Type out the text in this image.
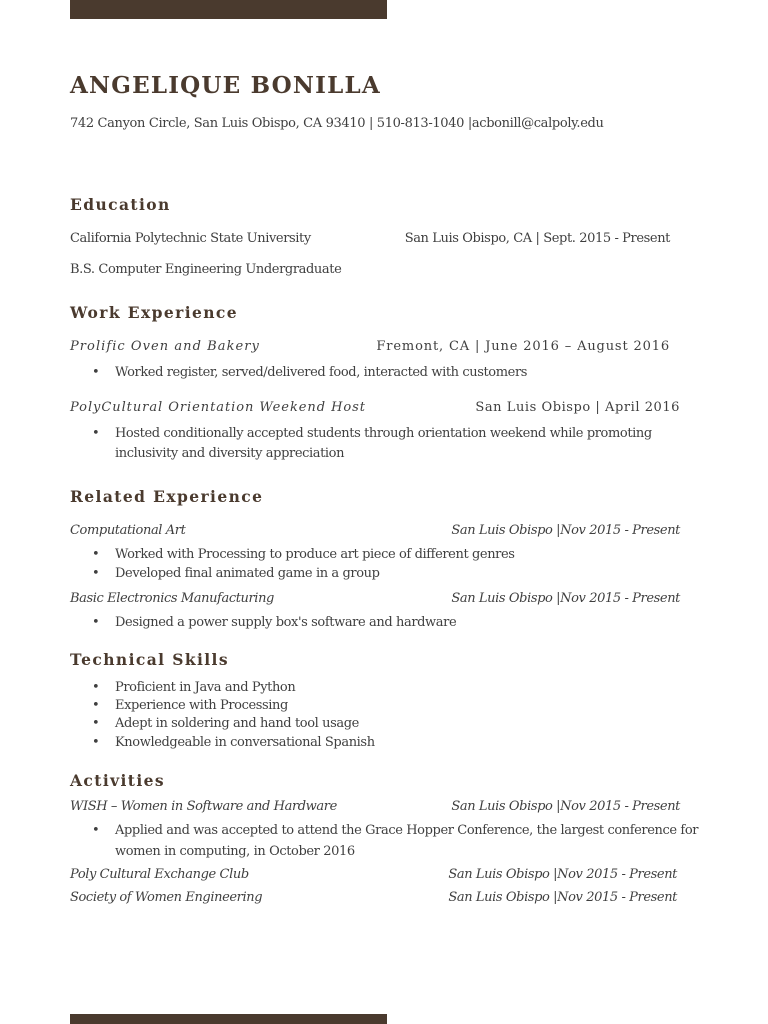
ANGELIQUE BONILLA
742 Canyon Circle, San Luis Obispo, CA 93410 | 510-813-1040 |acbonill@calpoly.edu
Education
California Polytechnic State University	San Luis Obispo, CA | Sept. 2015 - Present
B.S. Computer Engineering Undergraduate
Work Experience
Prolific Oven and Bakery	Fremont, CA | June 2016 – August 2016
• Worked register, served/delivered food, interacted with customers
PolyCultural Orientation Weekend Host	San Luis Obispo | April 2016
• Hosted conditionally accepted students through orientation weekend while promoting
inclusivity and diversity appreciation
Related Experience
Computational Art	San Luis Obispo |Nov 2015 - Present
• Worked with Processing to produce art piece of different genres
• Developed final animated game in a group
Basic Electronics Manufacturing	San Luis Obispo |Nov 2015 - Present
• Designed a power supply box's software and hardware
Technical Skills
• Proficient in Java and Python
• Experience with Processing
• Adept in soldering and hand tool usage
• Knowledgeable in conversational Spanish
Activities
WISH – Women in Software and Hardware	San Luis Obispo |Nov 2015 - Present
• Applied and was accepted to attend the Grace Hopper Conference, the largest conference for
women in computing, in October 2016
Poly Cultural Exchange Club	San Luis Obispo |Nov 2015 - Present
Society of Women Engineering	San Luis Obispo |Nov 2015 - Present
